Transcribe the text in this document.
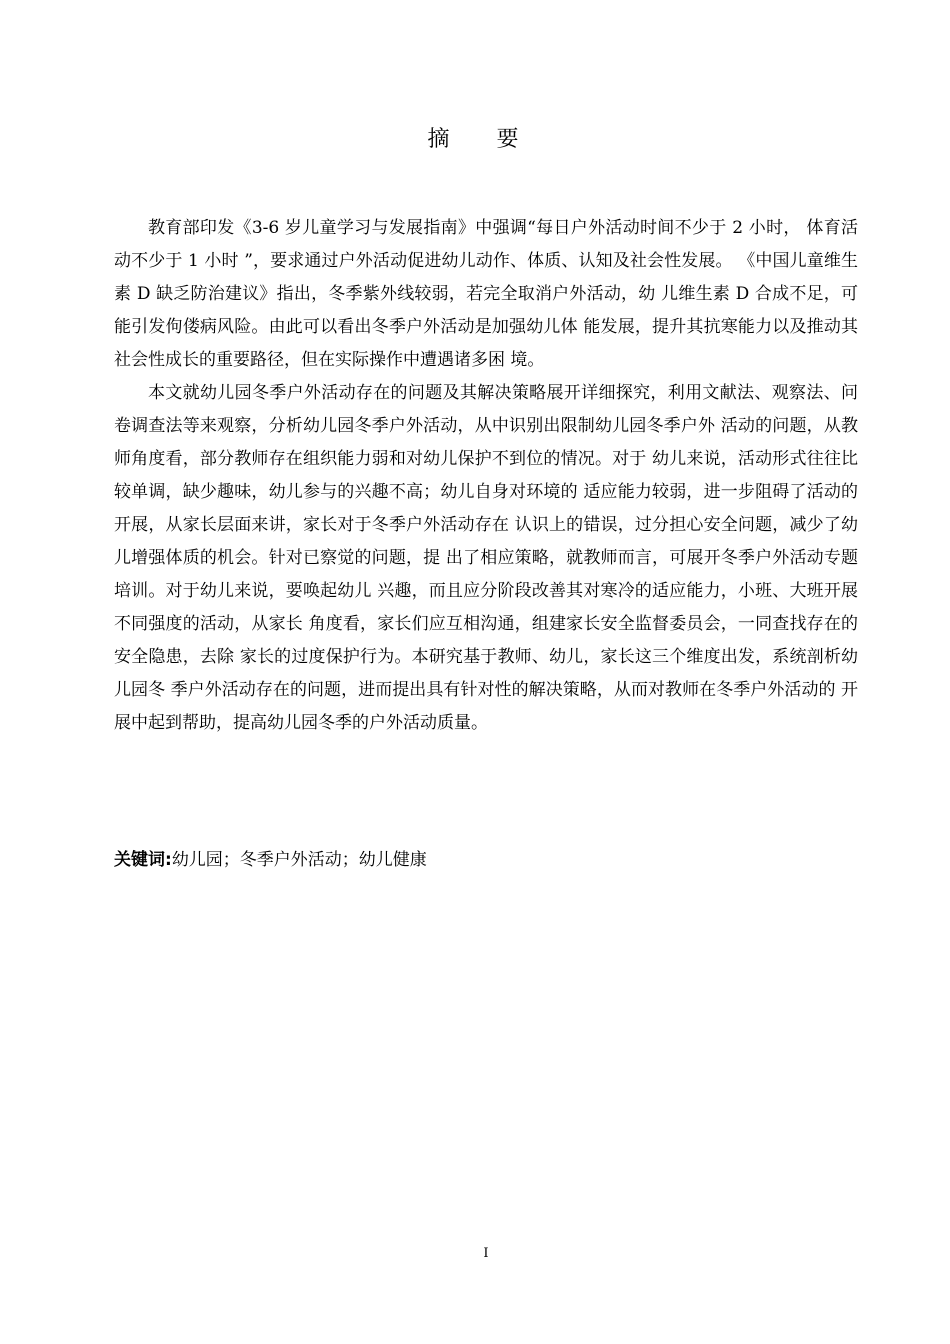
摘 要

教育部印发《3-6 岁儿童学习与发展指南》中强调“每日户外活动时间不少于 2 小时， 体育活动不少于 1 小时 ”，要求通过户外活动促进幼儿动作、体质、认知及社会性发展。 《中国儿童维生素 D 缺乏防治建议》指出，冬季紫外线较弱，若完全取消户外活动，幼 儿维生素 D 合成不足，可能引发佝偻病风险。由此可以看出冬季户外活动是加强幼儿体 能发展，提升其抗寒能力以及推动其社会性成长的重要路径，但在实际操作中遭遇诸多困 境。

本文就幼儿园冬季户外活动存在的问题及其解决策略展开详细探究，利用文献法、观察法、问卷调查法等来观察，分析幼儿园冬季户外活动，从中识别出限制幼儿园冬季户外 活动的问题，从教师角度看，部分教师存在组织能力弱和对幼儿保护不到位的情况。对于 幼儿来说，活动形式往往比较单调，缺少趣味，幼儿参与的兴趣不高；幼儿自身对环境的 适应能力较弱，进一步阻碍了活动的开展，从家长层面来讲，家长对于冬季户外活动存在 认识上的错误，过分担心安全问题，减少了幼儿增强体质的机会。针对已察觉的问题，提 出了相应策略，就教师而言，可展开冬季户外活动专题培训。对于幼儿来说，要唤起幼儿 兴趣，而且应分阶段改善其对寒冷的适应能力，小班、大班开展不同强度的活动，从家长 角度看，家长们应互相沟通，组建家长安全监督委员会，一同查找存在的安全隐患，去除 家长的过度保护行为。本研究基于教师、幼儿，家长这三个维度出发，系统剖析幼儿园冬 季户外活动存在的问题，进而提出具有针对性的解决策略，从而对教师在冬季户外活动的 开展中起到帮助，提高幼儿园冬季的户外活动质量。

关键词:幼儿园；冬季户外活动；幼儿健康
I
